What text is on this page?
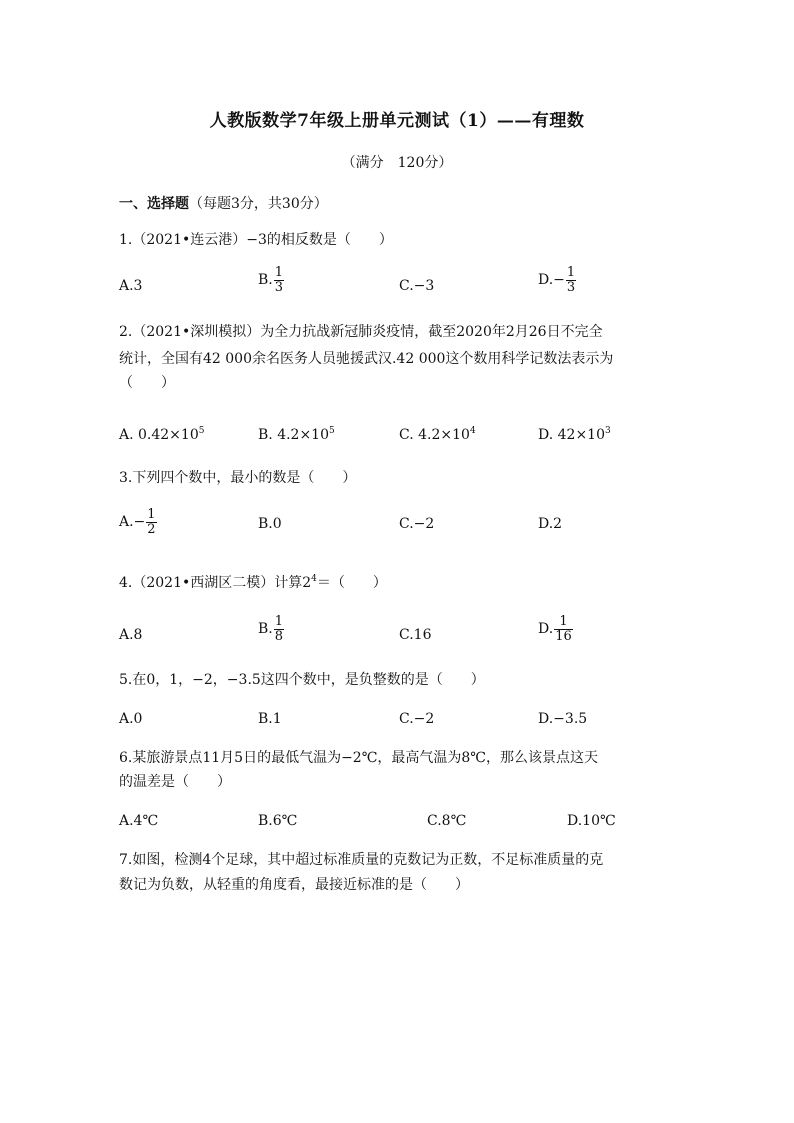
人教版数学7年级上册单元测试（1）——有理数
（满分　120分）
一、选择题（每题3分，共30分）
1.（2021•连云港）−3的相反数是（　　）
A.3	B. $\frac{1}{3}$	C.−3	$D.- \frac{1}{3}$
2.（2021•深圳模拟）为全力抗战新冠肺炎疫情，截至2020年2月26日不完全
统计，全国有42 000余名医务人员驰援武汉.42 000这个数用科学记数法表示为
（　　）
A. $0.42\times 10^5$	B. $4.2\times 10^5$	C. $4.2\times 10^4$	D. $42\times 10^3$
3.下列四个数中，最小的数是（　　）
$A.- \frac{1}{2}$	B.0	C.−2	D.2
4.（2021•西湖区二模）计算$2^4=$（　　）
A.8	B. $\frac{1}{8}$	C.16	D. $\frac{1}{16}$
5.在0，1，−2，−3.5这四个数中，是负整数的是（　　）
A.0	B.1	C.−2	D.−3.5
6.某旅游景点11月5日的最低气温为−2℃，最高气温为8℃，那么该景点这天
的温差是（　　）
A.4℃	B.6℃	C.8℃	D.10℃
7.如图，检测4个足球，其中超过标准质量的克数记为正数，不足标准质量的克
数记为负数，从轻重的角度看，最接近标准的是（　　）
